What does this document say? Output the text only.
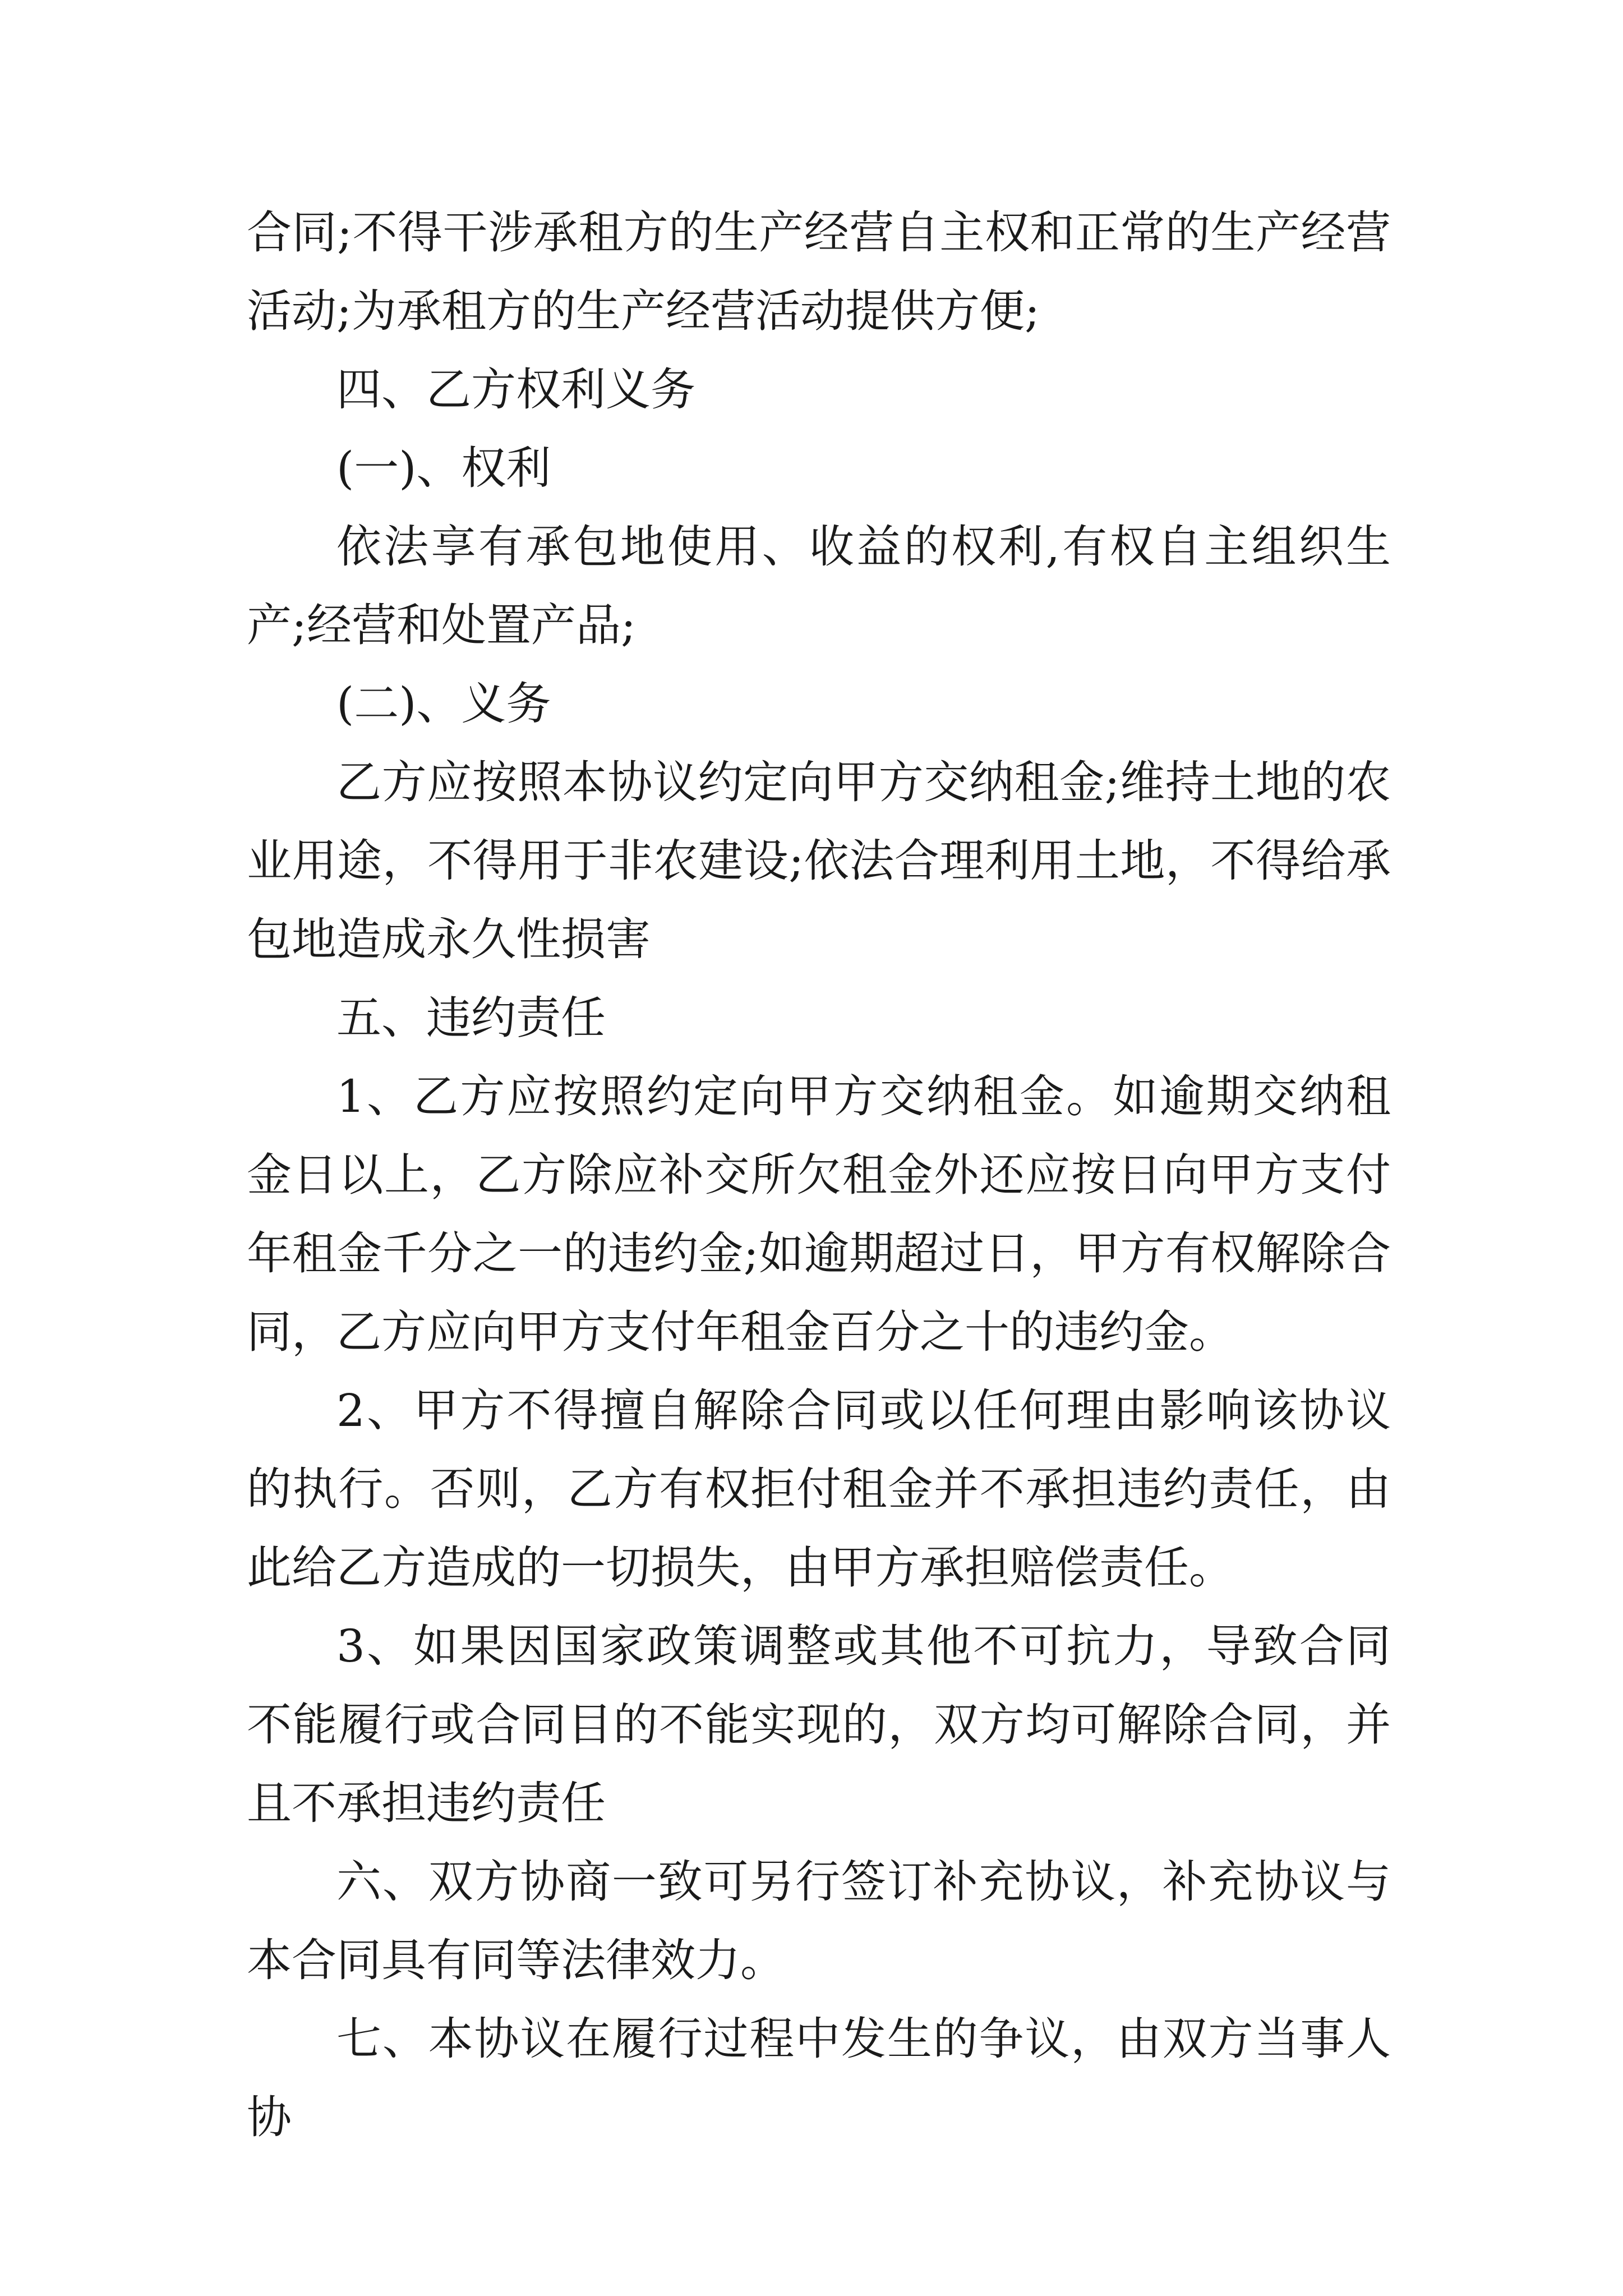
合同;不得干涉承租方的生产经营自主权和正常的生产经营活动;为承租方的生产经营活动提供方便;

四、乙方权利义务

(一)、权利

依法享有承包地使用、收益的权利,有权自主组织生产;经营和处置产品;

(二)、义务

乙方应按照本协议约定向甲方交纳租金;维持土地的农业用途，不得用于非农建设;依法合理利用土地，不得给承包地造成永久性损害

五、违约责任

1、乙方应按照约定向甲方交纳租金。如逾期交纳租金日以上，乙方除应补交所欠租金外还应按日向甲方支付年租金千分之一的违约金;如逾期超过日，甲方有权解除合同，乙方应向甲方支付年租金百分之十的违约金。

2、甲方不得擅自解除合同或以任何理由影响该协议的执行。否则，乙方有权拒付租金并不承担违约责任，由此给乙方造成的一切损失，由甲方承担赔偿责任。

3、如果因国家政策调整或其他不可抗力，导致合同不能履行或合同目的不能实现的，双方均可解除合同，并且不承担违约责任

六、双方协商一致可另行签订补充协议，补充协议与本合同具有同等法律效力。

七、本协议在履行过程中发生的争议，由双方当事人协
